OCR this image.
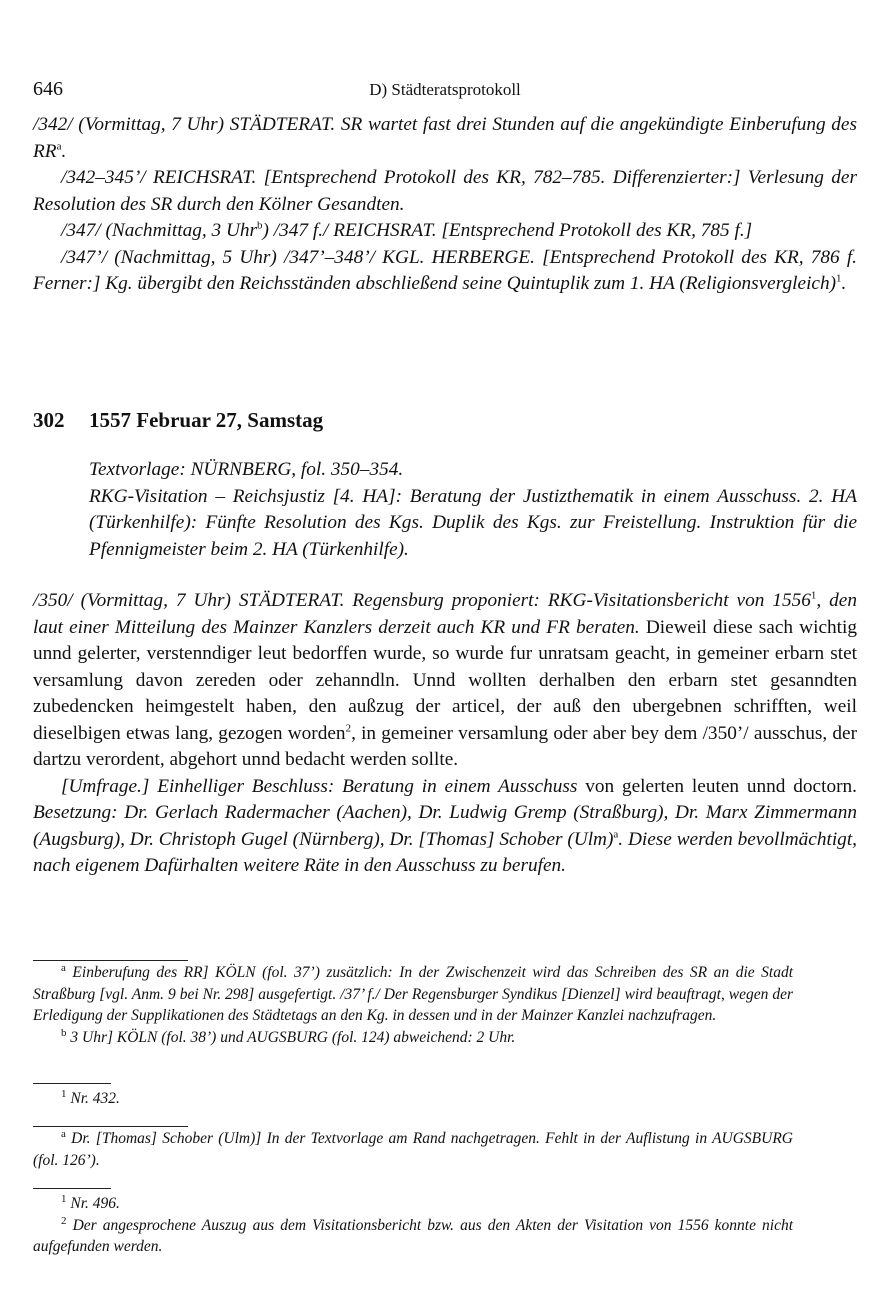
646	D) Städteratsprotokoll

/342/ (Vormittag, 7 Uhr) STÄDTERAT. SR wartet fast drei Stunden auf die angekündigte Einberufung des $RR^a$.

/342–345’/ REICHSRAT. [Entsprechend Protokoll des KR, 782–785. Differenzierter:] Verlesung der Resolution des SR durch den Kölner Gesandten.

/347/ (Nachmittag, 3 Uhr$^b$) /347 f./ REICHSRAT. [Entsprechend Protokoll des KR, 785 f.]

/347’/ (Nachmittag, 5 Uhr) /347’–348’/ KGL. HERBERGE. [Entsprechend Protokoll des KR, 786 f. Ferner:] Kg. übergibt den Reichsständen abschließend seine Quintuplik zum 1. HA (Religionsvergleich)$^1$.

302 1557 Februar 27, Samstag
Textvorlage: NÜRNBERG, fol. 350–354.
RKG-Visitation – Reichsjustiz [4. HA]: Beratung der Justizthematik in einem Ausschuss. 2. HA (Türkenhilfe): Fünfte Resolution des Kgs. Duplik des Kgs. zur Freistellung. Instruktion für die Pfennigmeister beim 2. HA (Türkenhilfe).

/350/ (Vormittag, 7 Uhr) STÄDTERAT. Regensburg proponiert: RKG-Visitationsbericht von 1556$^1$, den laut einer Mitteilung des Mainzer Kanzlers derzeit auch KR und FR beraten. Dieweil diese sach wichtig unnd gelerter, verstenndiger leut bedorffen wurde, so wurde fur unratsam geacht, in gemeiner erbarn stet versamlung davon zereden oder zehanndln. Unnd wollten derhalben den erbarn stet gesanndten zubedencken heimgestelt haben, den außzug der articel, der auß den ubergebnen schrifften, weil dieselbigen etwas lang, gezogen worden$^2$, in gemeiner versamlung oder aber bey dem /350’/ ausschus, der dartzu verordent, abgehort unnd bedacht werden sollte.

[Umfrage.] Einhelliger Beschluss: Beratung in einem Ausschuss von gelerten leuten unnd doctorn. Besetzung: Dr. Gerlach Radermacher (Aachen), Dr. Ludwig Gremp (Straßburg), Dr. Marx Zimmermann (Augsburg), Dr. Christoph Gugel (Nürnberg), Dr. [Thomas] Schober (Ulm)$^a$. Diese werden bevollmächtigt, nach eigenem Dafürhalten weitere Räte in den Ausschuss zu berufen.

$^a$ Einberufung des RR] KÖLN (fol. 37’) zusätzlich: In der Zwischenzeit wird das Schreiben des SR an die Stadt Straßburg [vgl. Anm. 9 bei Nr. 298] ausgefertigt. /37’ f./ Der Regensburger Syndikus [Dienzel] wird beauftragt, wegen der Erledigung der Supplikationen des Städtetags an den Kg. in dessen und in der Mainzer Kanzlei nachzufragen.

$^b$ 3 Uhr] KÖLN (fol. 38’) und AUGSBURG (fol. 124) abweichend: 2 Uhr.

$^1$ Nr. 432.

$^a$ Dr. [Thomas] Schober (Ulm)] In der Textvorlage am Rand nachgetragen. Fehlt in der Auflistung in AUGSBURG (fol. 126’).

$^1$ Nr. 496.

$^2$ Der angesprochene Auszug aus dem Visitationsbericht bzw. aus den Akten der Visitation von 1556 konnte nicht aufgefunden werden.
